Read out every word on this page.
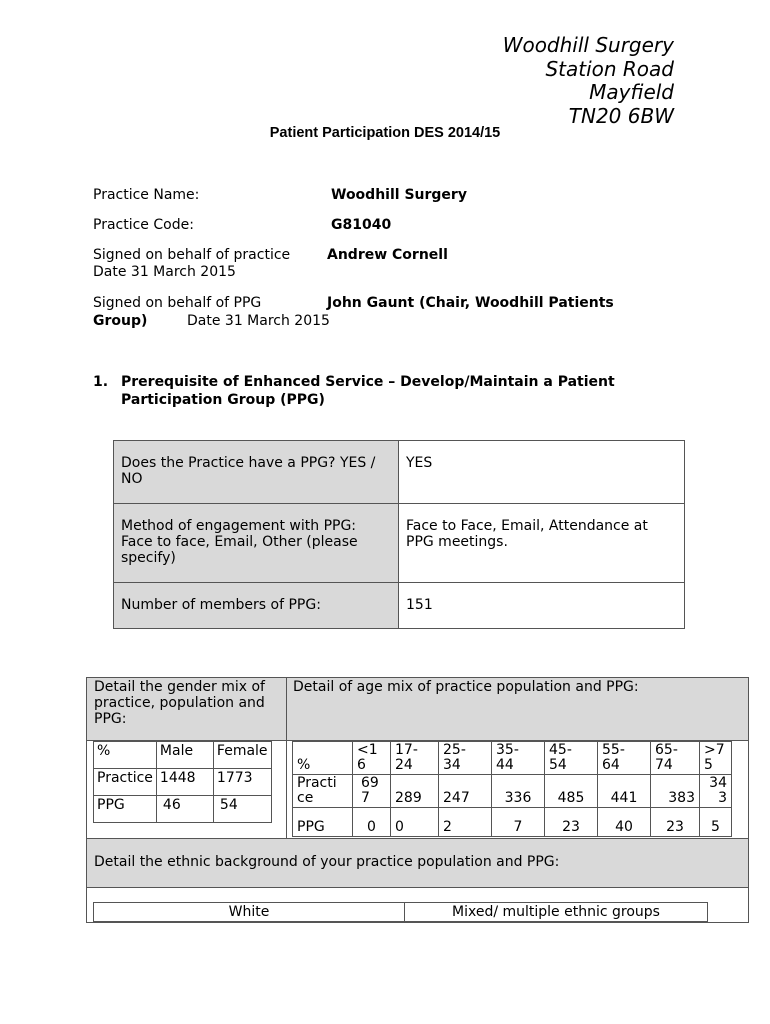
Woodhill Surgery
Station Road
Mayfield
TN20 6BW
Patient Participation DES 2014/15
Practice Name:	Woodhill Surgery
Practice Code:	G81040
Signed on behalf of practice	Andrew Cornell
Date 31 March 2015
Signed on behalf of PPG	John Gaunt (Chair, Woodhill Patients
Group)	Date 31 March 2015
1. Prerequisite of Enhanced Service – Develop/Maintain a Patient
Participation Group (PPG)
Does the Practice have a PPG? YES / NO	YES
Method of engagement with PPG: Face to face, Email, Other (please specify)	Face to Face, Email, Attendance at PPG meetings.
Number of members of PPG:	151
Detail the gender mix of practice, population and PPG:
Detail of age mix of practice population and PPG:
%	Male	Female
Practice	1448	1773
PPG	46	54
%	<1 6	17- 24	25- 34	35- 44	45- 54	55- 64	65- 74	>7 5
Practi ce	69 7	289	247	336	485	441	383	34 3
PPG	0	0	2	7	23	40	23	5
Detail the ethnic background of your practice population and PPG:
White	Mixed/ multiple ethnic groups
